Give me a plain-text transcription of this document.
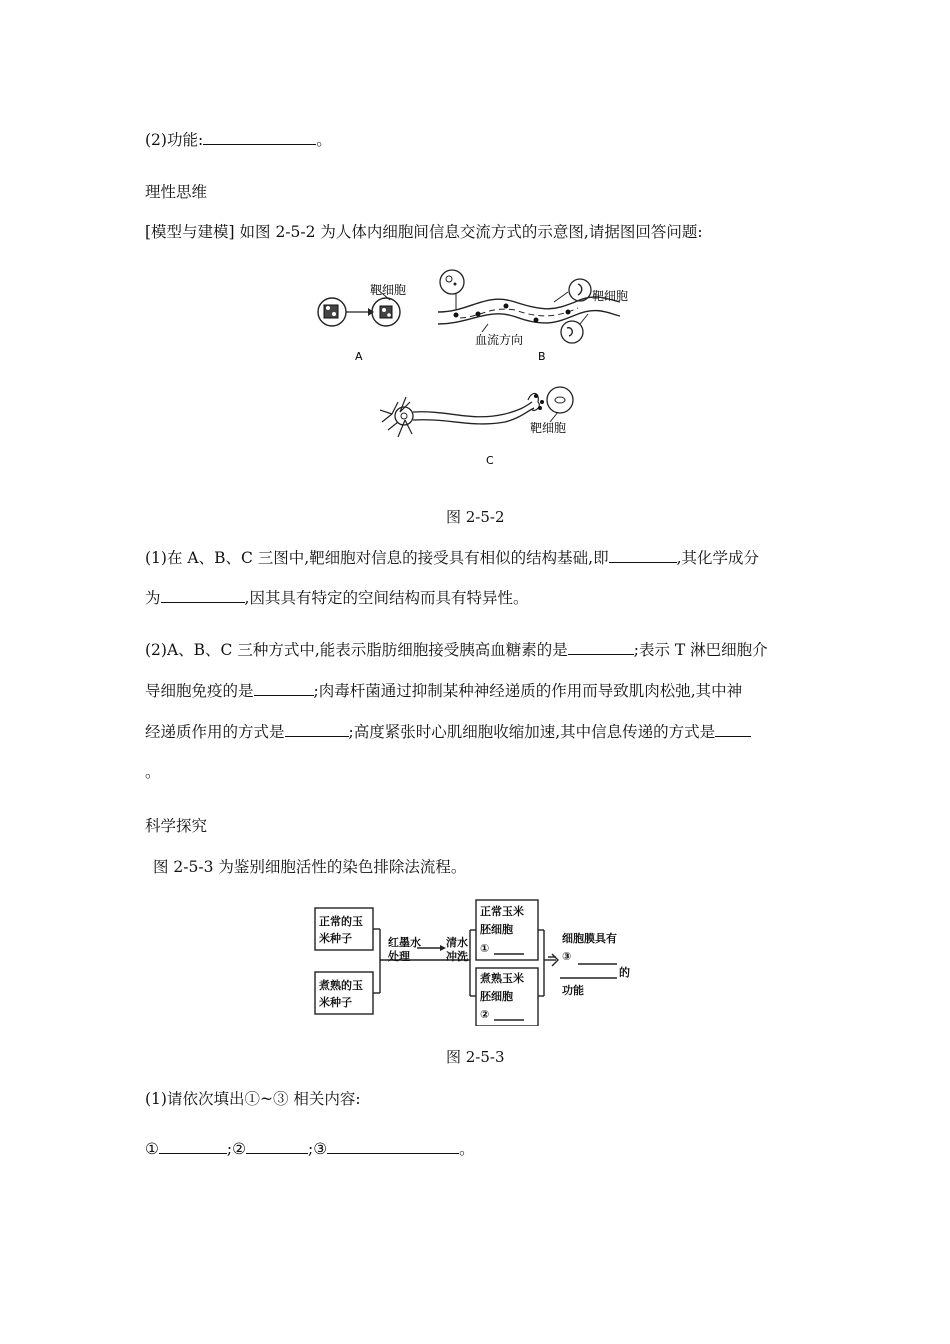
(2)功能:	。
理性思维
[模型与建模] 如图 2-5-2 为人体内细胞间信息交流方式的示意图,请据图回答问题:
靶细胞
A
靶细胞
血流方向
B
靶细胞
C
图 2-5-2
(1)在 A、B、C 三图中,靶细胞对信息的接受具有相似的结构基础,即	,其化学成分
为	,因其具有特定的空间结构而具有特异性。
(2)A、B、C 三种方式中,能表示脂肪细胞接受胰高血糖素的是	;表示 T 淋巴细胞介
导细胞免疫的是	;肉毒杆菌通过抑制某种神经递质的作用而导致肌肉松弛,其中神
经递质作用的方式是	;高度紧张时心肌细胞收缩加速,其中信息传递的方式是
。
科学探究
图 2-5-3 为鉴别细胞活性的染色排除法流程。
正常的玉
米种子
煮熟的玉
米种子
红墨水
处理
清水
冲洗
正常玉米
胚细胞
①
煮熟玉米
胚细胞
②
细胞膜具有
③
的
功能
图 2-5-3
(1)请依次填出①~③ 相关内容:
①	;②	;③	。
